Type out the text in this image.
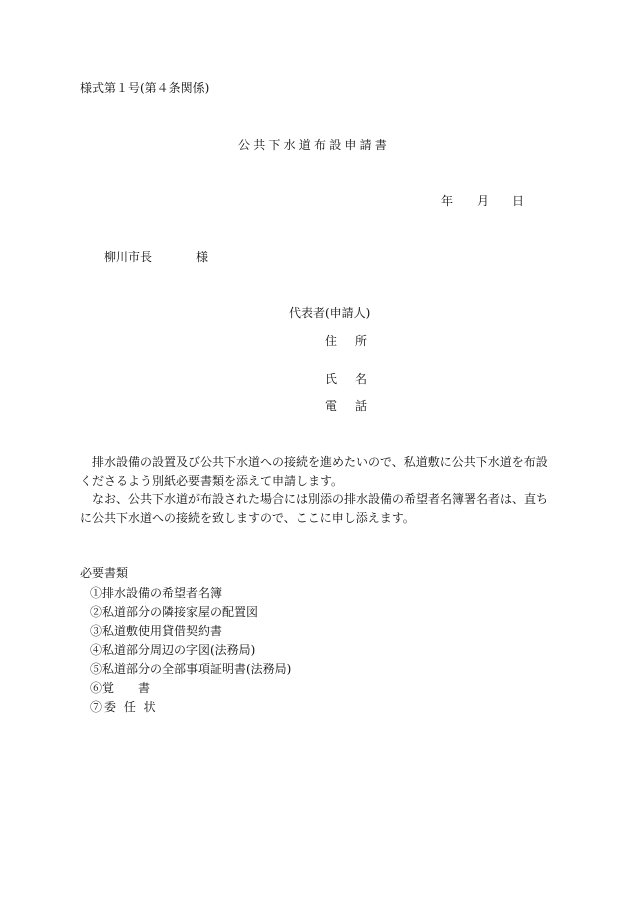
様式第１号(第４条関係)
公共下水道布設申請書
年 月 日
柳川市長	様
代表者(申請人)
住所
氏名
電話

排水設備の設置及び公共下水道への接続を進めたいので、私道敷に公共下水道を布設くださるよう別紙必要書類を添えて申請します。

なお、公共下水道が布設された場合には別添の排水設備の希望者名簿署名者は、直ちに公共下水道への接続を致しますので、ここに申し添えます。

必要書類
①排水設備の希望者名簿
②私道部分の隣接家屋の配置図
③私道敷使用貸借契約書
④私道部分周辺の字図(法務局)
⑤私道部分の全部事項証明書(法務局)
⑥覚　　書
⑦委 任 状
